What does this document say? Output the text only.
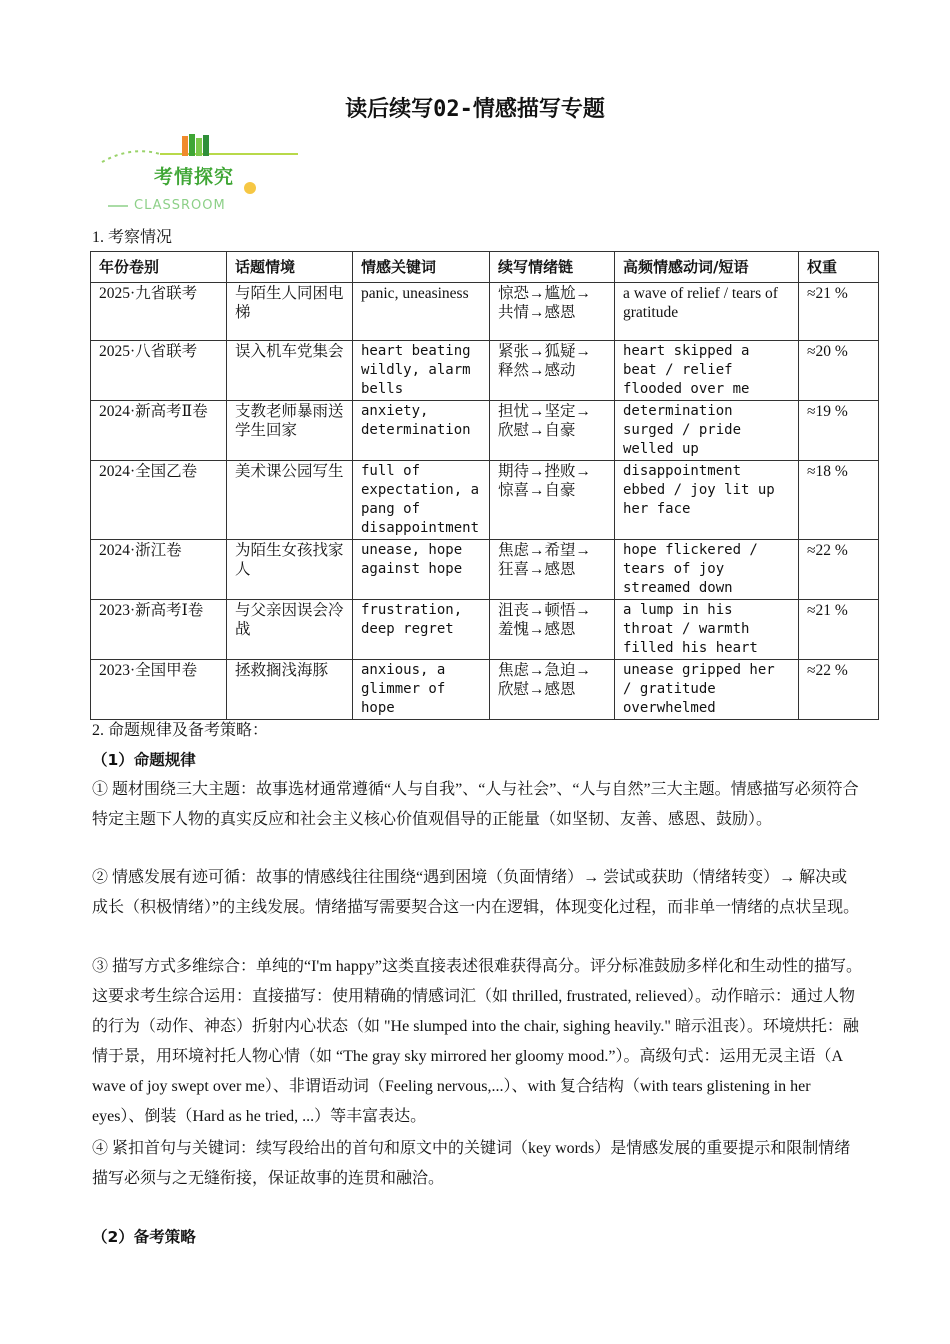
读后续写02-情感描写专题
考情探究
CLASSROOM
1. 考察情况
年份卷别	话题情境	情感关键词	续写情绪链	高频情感动词/短语	权重
2025·九省联考	与陌生人同困电梯	panic, uneasiness	惊恐→尴尬→共情→感恩	a wave of relief / tears of gratitude	≈21 %
2025·八省联考	误入机车党集会	heart beating wildly, alarm bells	紧张→狐疑→释然→感动	heart skipped a beat / relief flooded over me	≈20 %
2024·新高考Ⅱ卷	支教老师暴雨送学生回家	anxiety, determination	担忧→坚定→欣慰→自豪	determination surged / pride welled up	≈19 %
2024·全国乙卷	美术课公园写生	full of expectation, a pang of disappointment	期待→挫败→惊喜→自豪	disappointment ebbed / joy lit up her face	≈18 %
2024·浙江卷	为陌生女孩找家人	unease, hope against hope	焦虑→希望→狂喜→感恩	hope flickered / tears of joy streamed down	≈22 %
2023·新高考Ⅰ卷	与父亲因误会冷战	frustration, deep regret	沮丧→顿悟→羞愧→感恩	a lump in his throat / warmth filled his heart	≈21 %
2023·全国甲卷	拯救搁浅海豚	anxious, a glimmer of hope	焦虑→急迫→欣慰→感恩	unease gripped her / gratitude overwhelmed	≈22 %
2. 命题规律及备考策略：
（1）命题规律
① 题材围绕三大主题：故事选材通常遵循“人与自我”、“人与社会”、“人与自然”三大主题。情感描写必须符合特定主题下人物的真实反应和社会主义核心价值观倡导的正能量（如坚韧、友善、感恩、鼓励）。
② 情感发展有迹可循：故事的情感线往往围绕“遇到困境（负面情绪）→ 尝试或获助（情绪转变）→ 解决或成长（积极情绪）”的主线发展。情绪描写需要契合这一内在逻辑，体现变化过程，而非单一情绪的点状呈现。
③ 描写方式多维综合：单纯的“I'm happy”这类直接表述很难获得高分。评分标准鼓励多样化和生动性的描写。这要求考生综合运用：直接描写：使用精确的情感词汇（如 thrilled, frustrated, relieved）。动作暗示：通过人物的行为（动作、神态）折射内心状态（如 "He slumped into the chair, sighing heavily." 暗示沮丧）。环境烘托：融情于景，用环境衬托人物心情（如 “The gray sky mirrored her gloomy mood.”）。高级句式：运用无灵主语（A wave of joy swept over me）、非谓语动词（Feeling nervous,...）、with 复合结构（with tears glistening in her eyes）、倒装（Hard as he tried, ...）等丰富表达。
④ 紧扣首句与关键词：续写段给出的首句和原文中的关键词（key words）是情感发展的重要提示和限制情绪描写必须与之无缝衔接，保证故事的连贯和融洽。
（2）备考策略
